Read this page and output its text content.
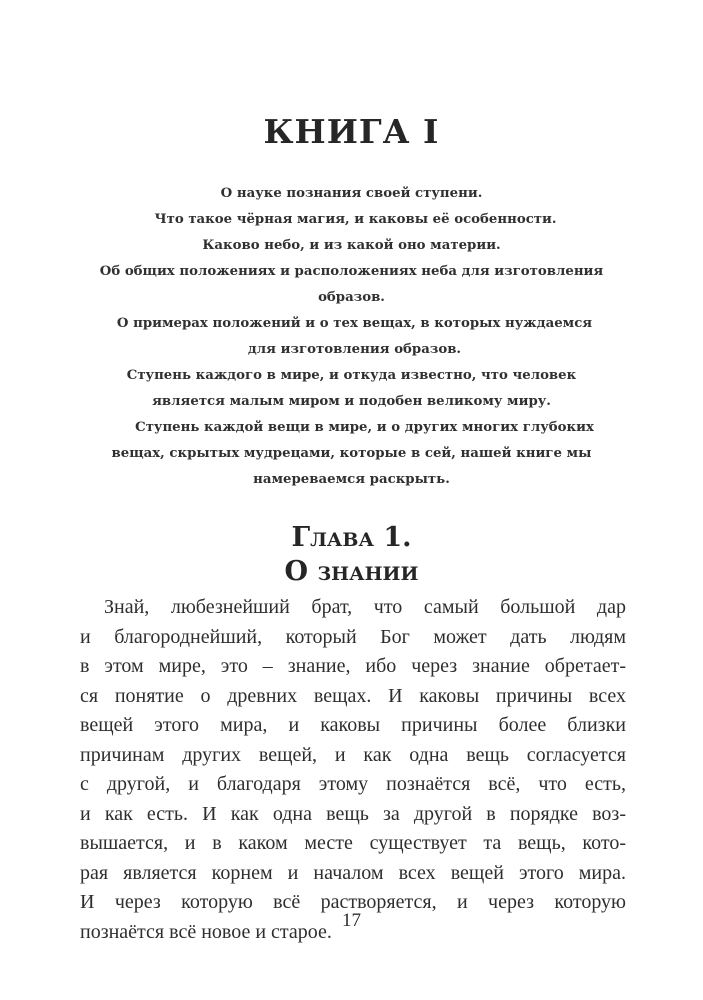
КНИГА I
О науке познания своей ступени.
Что такое чёрная магия, и каковы её особенности.
Каково небо, и из какой оно материи.
Об общих положениях и расположениях неба для изготовления образов.
О примерах положений и о тех вещах, в которых нуждаемся для изготовления образов.
Ступень каждого в мире, и откуда известно, что человек является малым миром и подобен великому миру.
Ступень каждой вещи в мире, и о других многих глубоких вещах, скрытых мудрецами, которые в сей, нашей книге мы намереваемся раскрыть.
Глава 1.
О знании
Знай, любезнейший брат, что самый большой дар
и благороднейший, который Бог может дать людям
в этом мире, это – знание, ибо через знание обретает-
ся понятие о древних вещах. И каковы причины всех
вещей этого мира, и каковы причины более близки
причинам других вещей, и как одна вещь согласуется
с другой, и благодаря этому познаётся всё, что есть,
и как есть. И как одна вещь за другой в порядке воз-
вышается, и в каком месте существует та вещь, кото-
рая является корнем и началом всех вещей этого мира.
И через которую всё растворяется, и через которую
познаётся всё новое и старое. 17
